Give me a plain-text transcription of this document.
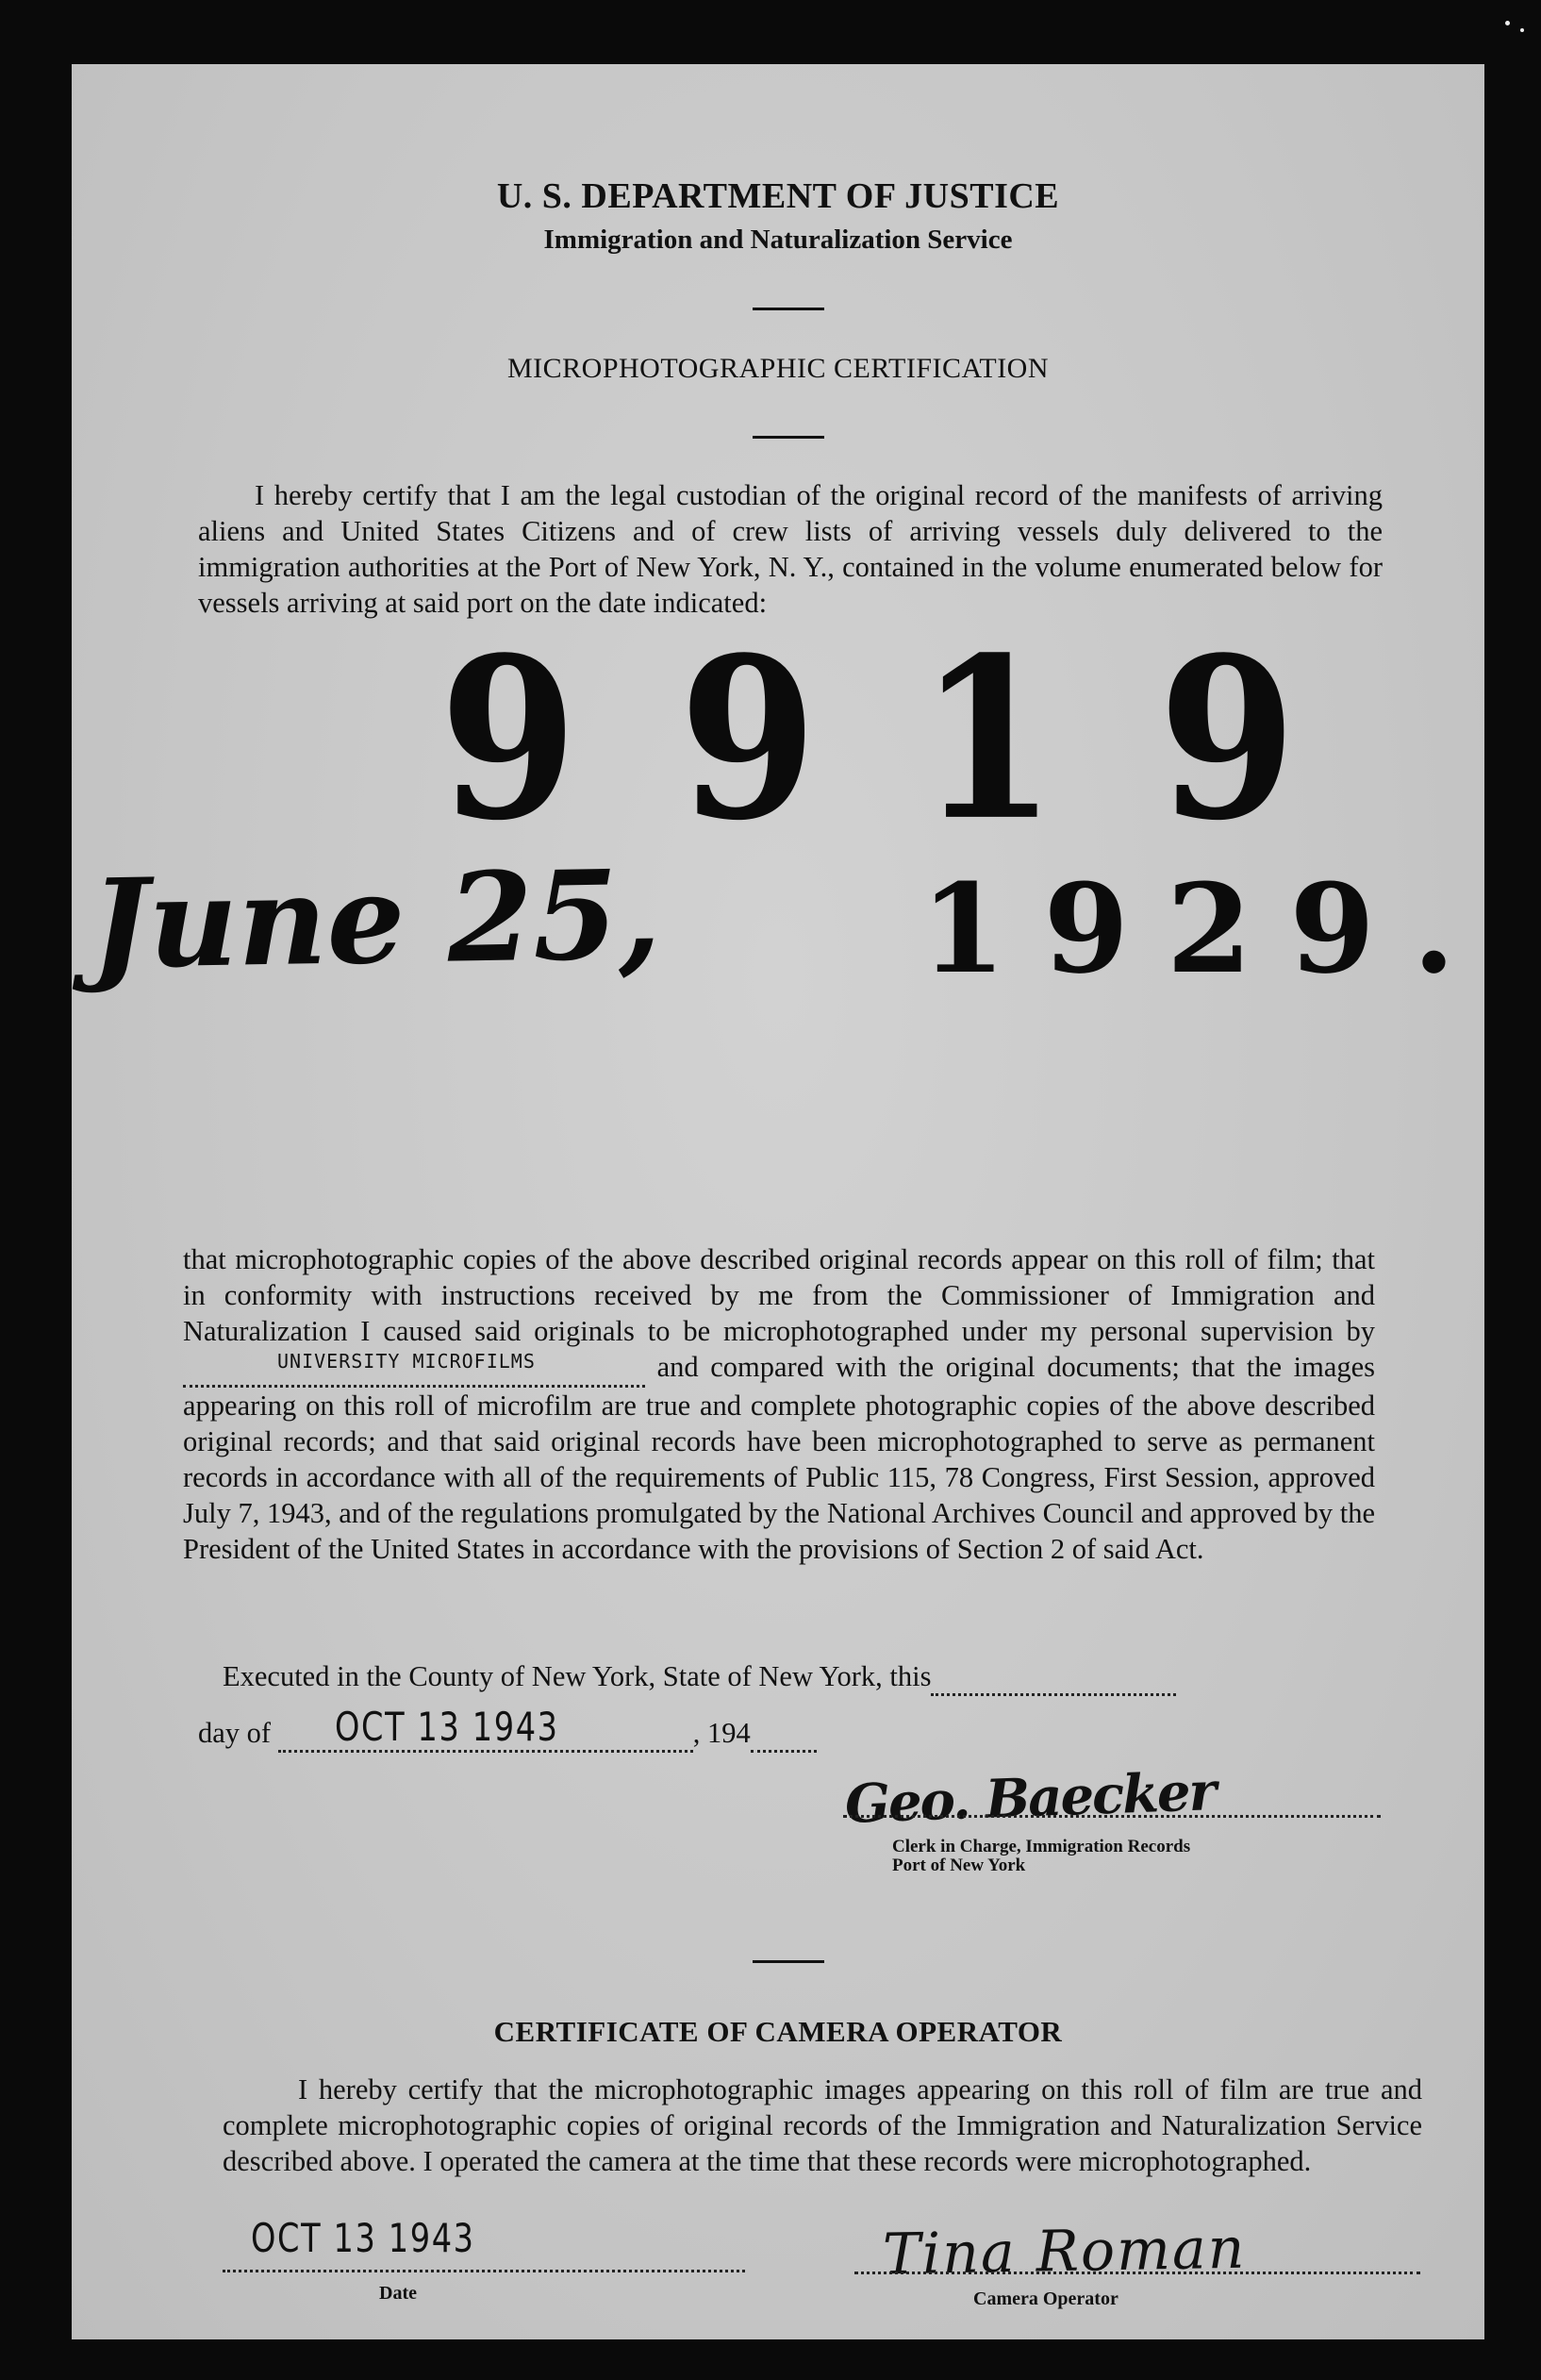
U. S. DEPARTMENT OF JUSTICE

Immigration and Naturalization Service

MICROPHOTOGRAPHIC CERTIFICATION

I hereby certify that I am the legal custodian of the original record of the manifests of arriving aliens and United States Citizens and of crew lists of arriving vessels duly delivered to the immigration authorities at the Port of New York, N. Y., contained in the volume enumerated below for vessels arriving at said port on the date indicated:

9919
June 25, 1929.
that microphotographic copies of the above described original records appear on this roll of film; that in conformity with instructions received by me from the Commissioner of Immigration and Naturalization I caused said originals to be microphotographed under my personal supervision by
UNIVERSITY MICROFILMS	and compared with the original documents; that the images appearing on this roll of microfilm are true and complete photographic copies of the above described original records; and that said original records have been microphotographed to serve as permanent records in accordance with all of the requirements of Public 115, 78 Congress, First Session, approved July 7, 1943, and of the regulations promulgated by the National Archives Council and approved by the President of the United States in accordance with the provisions of Section 2 of said Act.
Executed in the County of New York, State of New York, this
day of OCT 13 1943	, 194
Geo. Baecker
Clerk in Charge, Immigration Records
Port of New York

CERTIFICATE OF CAMERA OPERATOR

I hereby certify that the microphotographic images appearing on this roll of film are true and complete microphotographic copies of original records of the Immigration and Naturalization Service described above. I operated the camera at the time that these records were microphotographed.

OCT 13 1943
Date
Tina Roman
Camera Operator
